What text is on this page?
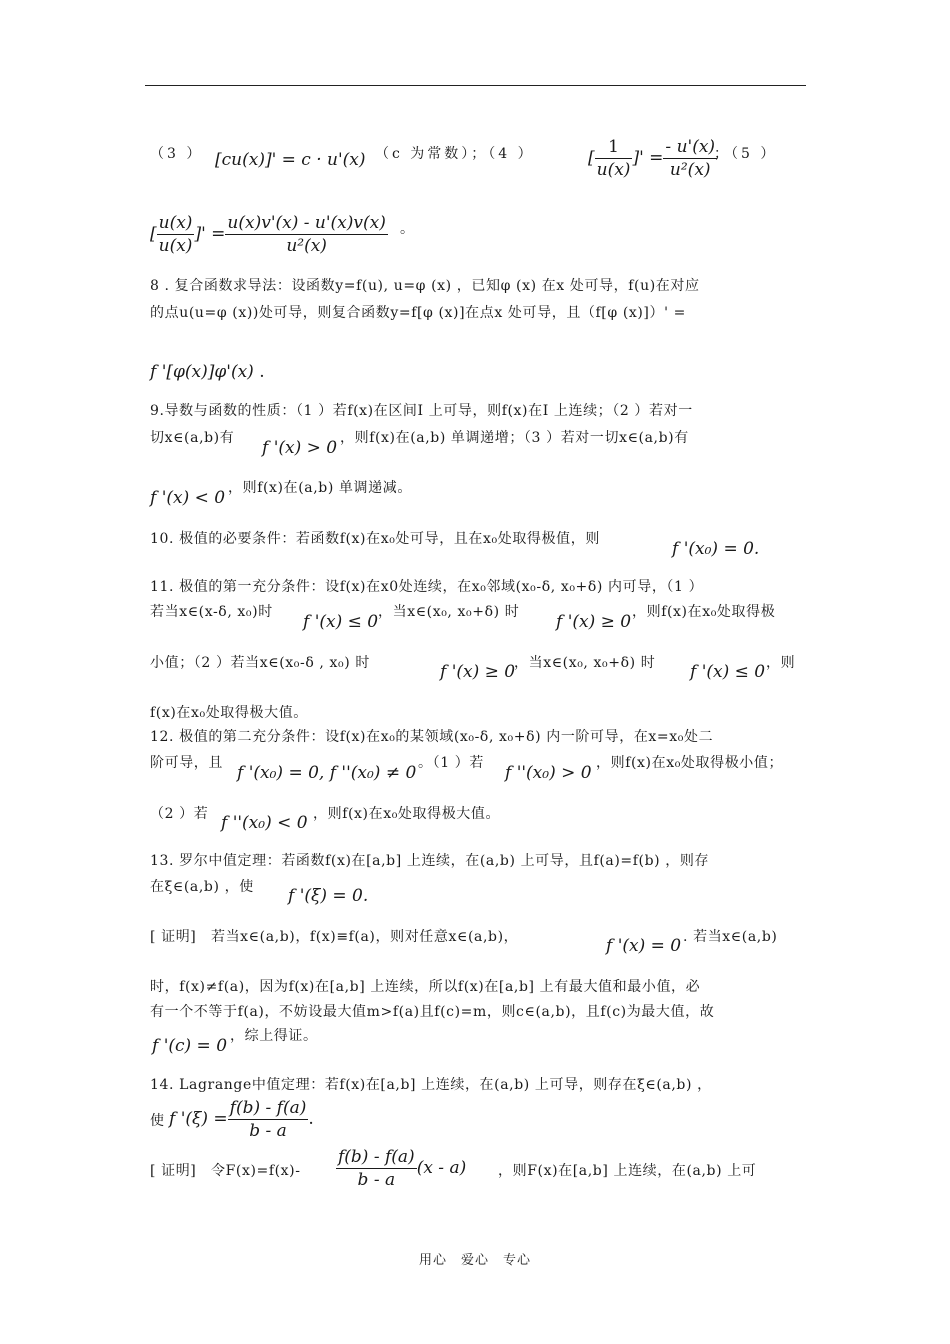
（3 ） [cu(x)]' = c · u'(x) （c 为常数）；（4 ）	[ $\frac{1}{u(x)}$ ]' = $\frac{- u'(x)}{\text{u²(x)}}$
；（5 ）
[ $\frac{u(x)}{u(x)}$ ]' = $\frac{u(x)v'(x) - u'(x)v(x)}{\text{u²(x)}}$ 。
8 . 复合函数求导法：设函数y=f(u), u=φ (x) ，已知φ (x) 在x 处可导，f(u)在对应
的点u(u=φ (x))处可导，则复合函数y=f[φ (x)]在点x 处可导，且（f[φ (x)]）' =
f '[φ(x)]φ'(x) .
9.导数与函数的性质：（1 ）若f(x)在区间I 上可导，则f(x)在I 上连续；（2 ）若对一
切x∈(a,b)有 f '(x) > 0 ，则f(x)在(a,b) 单调递增；（3 ）若对一切x∈(a,b)有
f '(x) < 0 ，则f(x)在(a,b) 单调递减。
10. 极值的必要条件：若函数f(x)在x₀处可导，且在x₀处取得极值，则	f '(x₀) = 0.
11. 极值的第一充分条件：设f(x)在x0处连续，在x₀邻域(x₀-δ, x₀+δ) 内可导，（1 ）
若当x∈(x-δ, x₀)时 f '(x) ≤ 0 ，当x∈(x₀, x₀+δ) 时 f '(x) ≥ 0 ，则f(x)在x₀处取得极
小值；（2 ）若当x∈(x₀-δ , x₀) 时	f '(x) ≥ 0
，当x∈(x₀, x₀+δ) 时 f '(x) ≤ 0 ，则
f(x)在x₀处取得极大值。
12. 极值的第二充分条件：设f(x)在x₀的某领域(x₀-δ, x₀+δ) 内一阶可导，在x=x₀处二
阶可导，且 f '(x₀) = 0, f ''(x₀) ≠ 0 。（1 ）若 f ''(x₀) > 0 ，则f(x)在x₀处取得极小值；
（2 ）若 f ''(x₀) < 0 ，则f(x)在x₀处取得极大值。
13. 罗尔中值定理：若函数f(x)在[a,b] 上连续，在(a,b) 上可导，且f(a)=f(b) ，则存
在ξ∈(a,b) ，使 f '(ξ) = 0.
[ 证明]　若当x∈(a,b)，f(x)≡f(a)，则对任意x∈(a,b)，	f '(x) = 0 . 若当x∈(a,b)
时，f(x)≠f(a)，因为f(x)在[a,b] 上连续，所以f(x)在[a,b] 上有最大值和最小值，必
有一个不等于f(a)，不妨设最大值m>f(a)且f(c)=m，则c∈(a,b)，且f(c)为最大值，故
f '(c) = 0 ，综上得证。
14. Lagrange中值定理：若f(x)在[a,b] 上连续，在(a,b) 上可导，则存在ξ∈(a,b) ，
使 f '$(\xi) = \frac{f(b) - f(a)}{b - a}$ .
[ 证明]　令$F(x)=f(x)- \frac{f(b) - f(a)}{b - a} (x - a)$ ，则F(x)在[a,b] 上连续，在(a,b) 上可
用心　爱心　专心
